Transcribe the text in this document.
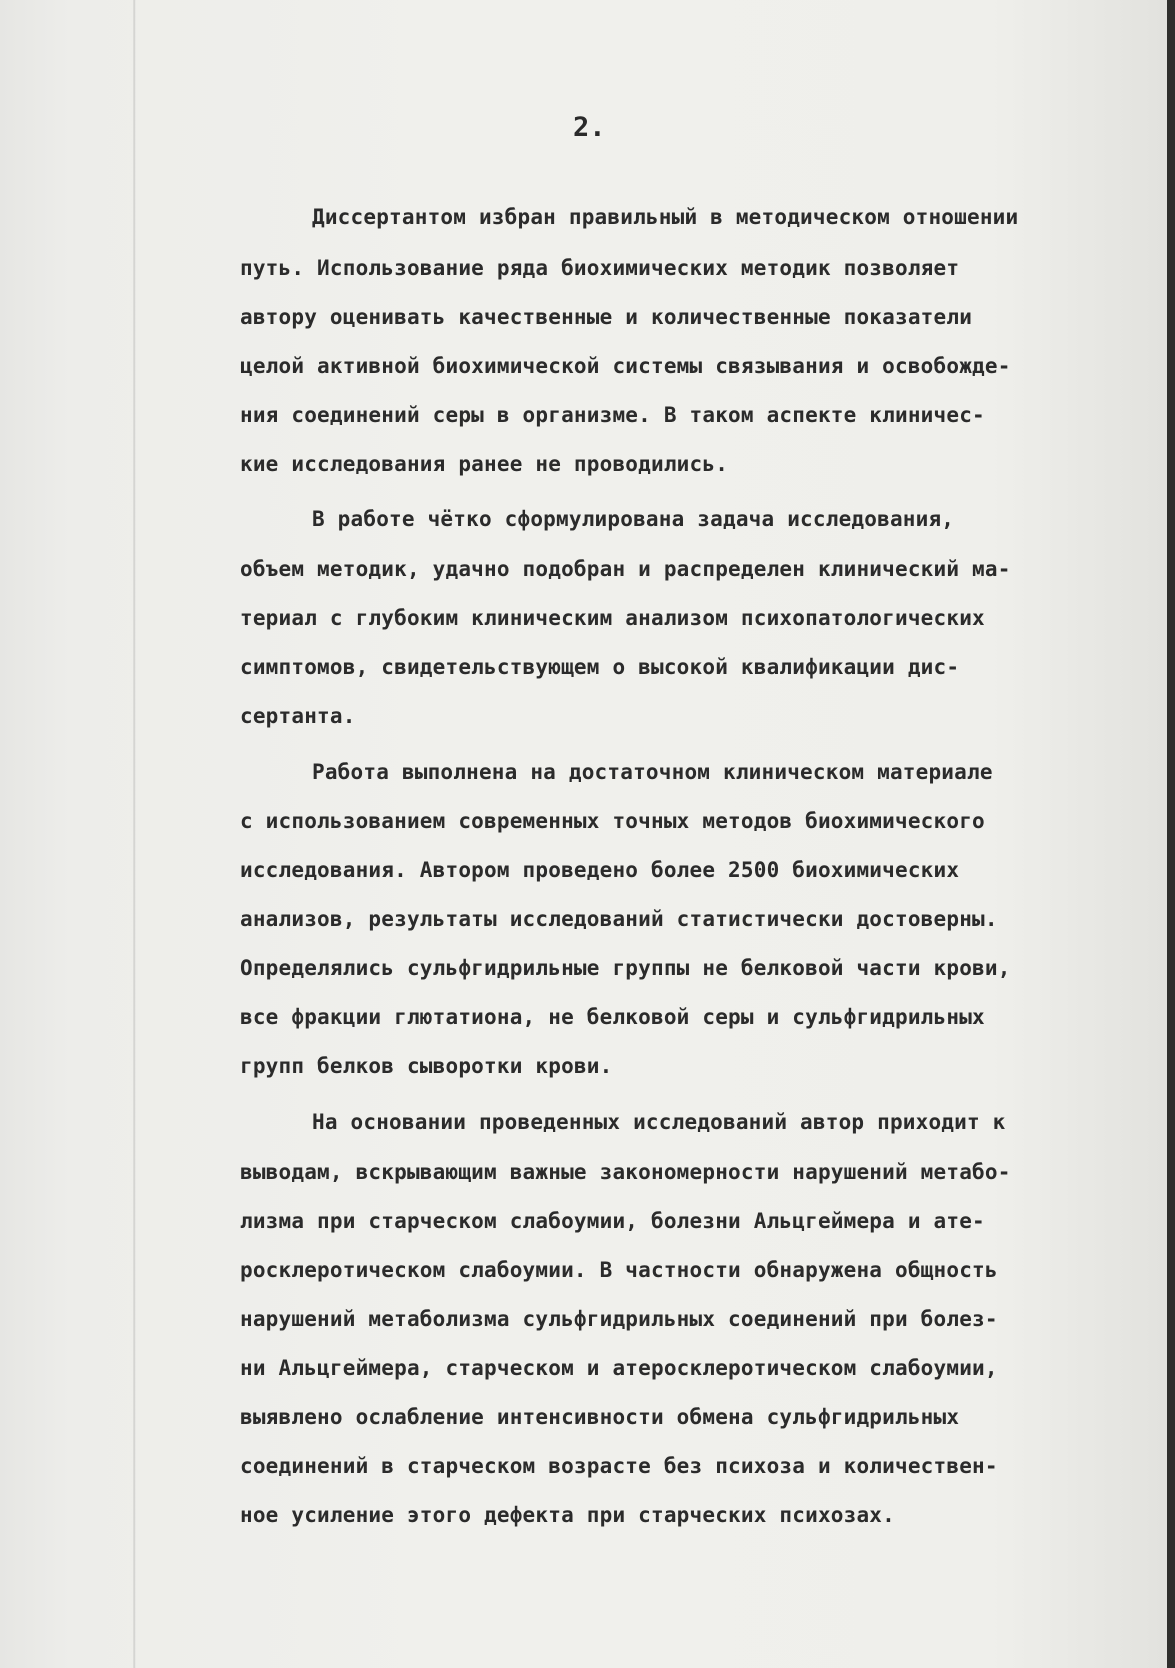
2.
Диссертантом избран правильный в методическом отношении
путь. Использование ряда биохимических методик позволяет
автору оценивать качественные и количественные показатели
целой активной биохимической системы связывания и освобожде-
ния соединений серы в организме. В таком аспекте клиничес-
кие исследования ранее не проводились.
В работе чётко сформулирована задача исследования,
объем методик, удачно подобран и распределен клинический ма-
териал с глубоким клиническим анализом психопатологических
симптомов, свидетельствующем о высокой квалификации дис-
сертанта.
Работа выполнена на достаточном клиническом материале
с использованием современных точных методов биохимического
исследования. Автором проведено более 2500 биохимических
анализов, результаты исследований статистически достоверны.
Определялись сульфгидрильные группы не белковой части крови,
все фракции глютатиона, не белковой серы и сульфгидрильных
групп белков сыворотки крови.
На основании проведенных исследований автор приходит к
выводам, вскрывающим важные закономерности нарушений метабо-
лизма при старческом слабоумии, болезни Альцгеймера и ате-
росклеротическом слабоумии. В частности обнаружена общность
нарушений метаболизма сульфгидрильных соединений при болез-
ни Альцгеймера, старческом и атеросклеротическом слабоумии,
выявлено ослабление интенсивности обмена сульфгидрильных
соединений в старческом возрасте без психоза и количествен-
ное усиление этого дефекта при старческих психозах.
